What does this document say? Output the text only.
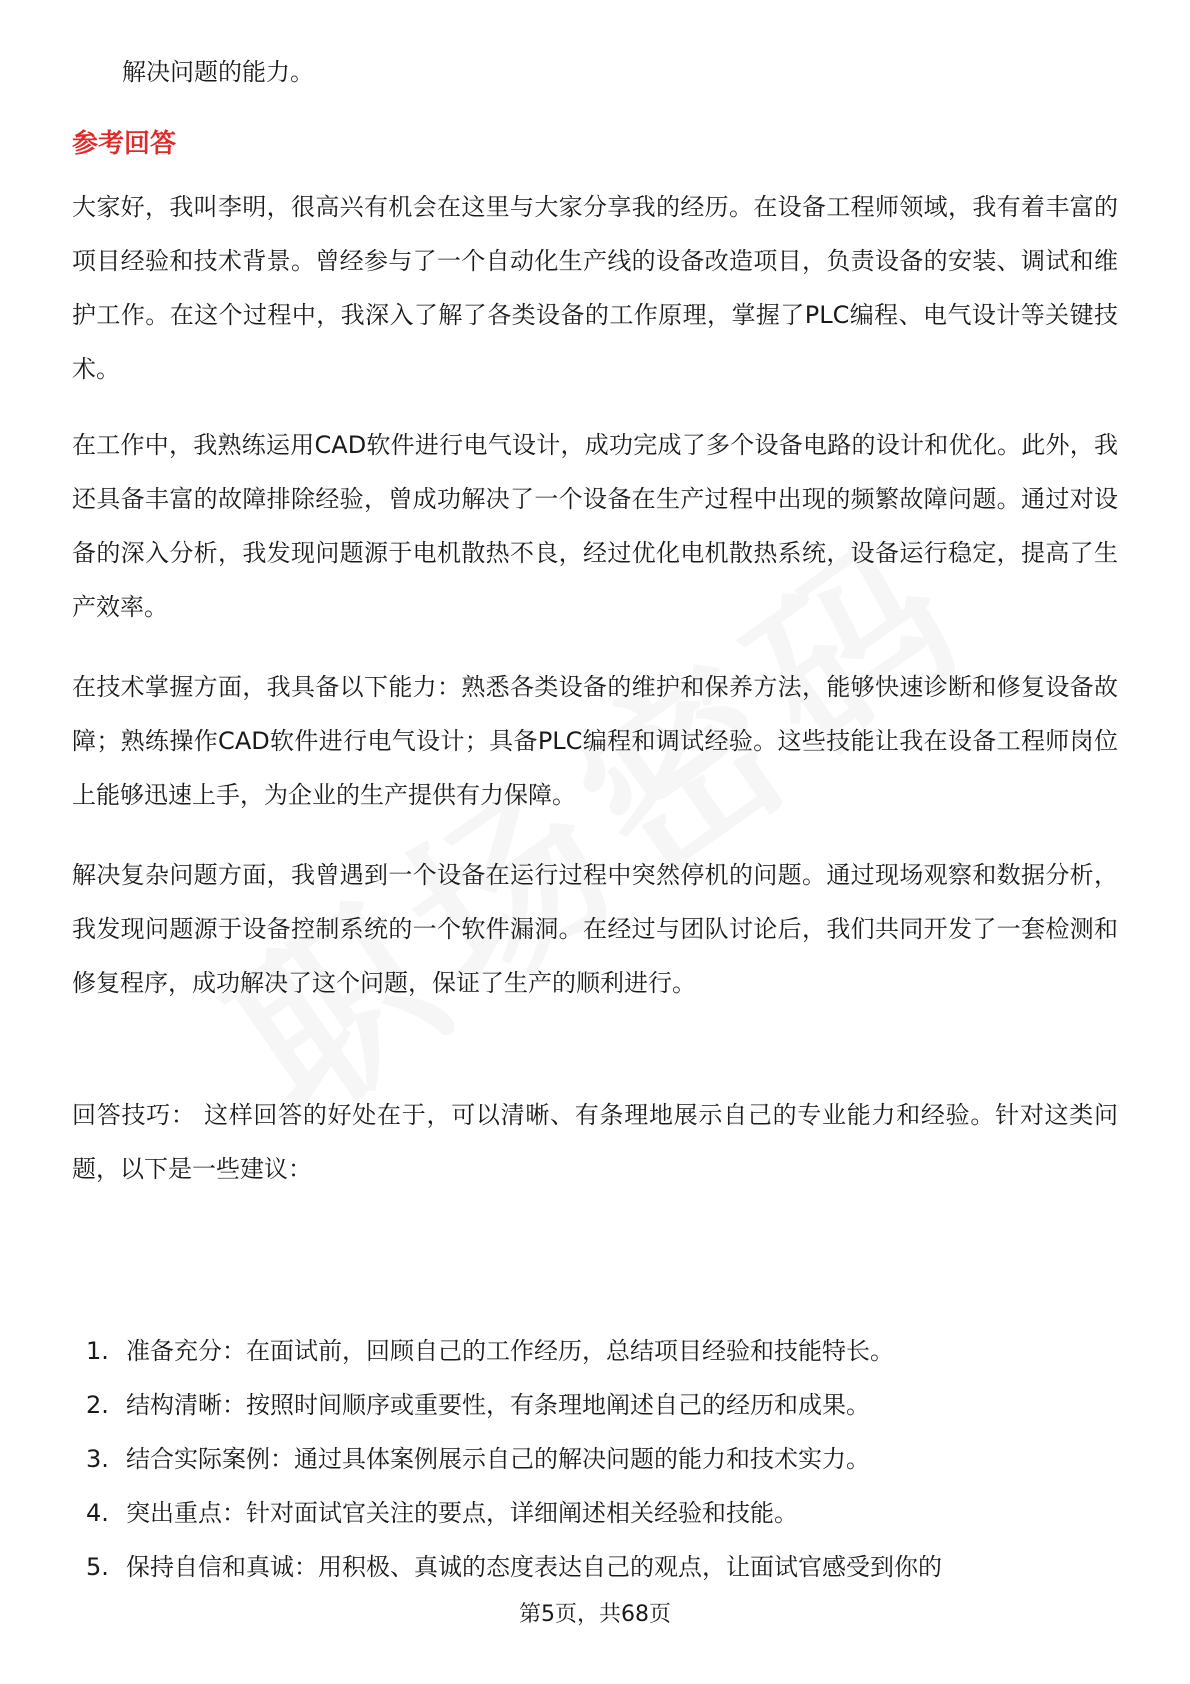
解决问题的能力。

参考回答

大家好，我叫李明，很高兴有机会在这里与大家分享我的经历。在设备工程师领域，我有着丰富的项目经验和技术背景。曾经参与了一个自动化生产线的设备改造项目，负责设备的安装、调试和维护工作。在这个过程中，我深入了解了各类设备的工作原理，掌握了PLC编程、电气设计等关键技术。

在工作中，我熟练运用CAD软件进行电气设计，成功完成了多个设备电路的设计和优化。此外，我还具备丰富的故障排除经验，曾成功解决了一个设备在生产过程中出现的频繁故障问题。通过对设备的深入分析，我发现问题源于电机散热不良，经过优化电机散热系统，设备运行稳定，提高了生产效率。

在技术掌握方面，我具备以下能力：熟悉各类设备的维护和保养方法，能够快速诊断和修复设备故障；熟练操作CAD软件进行电气设计；具备PLC编程和调试经验。这些技能让我在设备工程师岗位上能够迅速上手，为企业的生产提供有力保障。

解决复杂问题方面，我曾遇到一个设备在运行过程中突然停机的问题。通过现场观察和数据分析，我发现问题源于设备控制系统的一个软件漏洞。在经过与团队讨论后，我们共同开发了一套检测和修复程序，成功解决了这个问题，保证了生产的顺利进行。

回答技巧： 这样回答的好处在于，可以清晰、有条理地展示自己的专业能力和经验。针对这类问题，以下是一些建议：

1. 准备充分：在面试前，回顾自己的工作经历，总结项目经验和技能特长。
2. 结构清晰：按照时间顺序或重要性，有条理地阐述自己的经历和成果。
3. 结合实际案例：通过具体案例展示自己的解决问题的能力和技术实力。
4. 突出重点：针对面试官关注的要点，详细阐述相关经验和技能。
5. 保持自信和真诚：用积极、真诚的态度表达自己的观点，让面试官感受到你的
第5页，共68页
